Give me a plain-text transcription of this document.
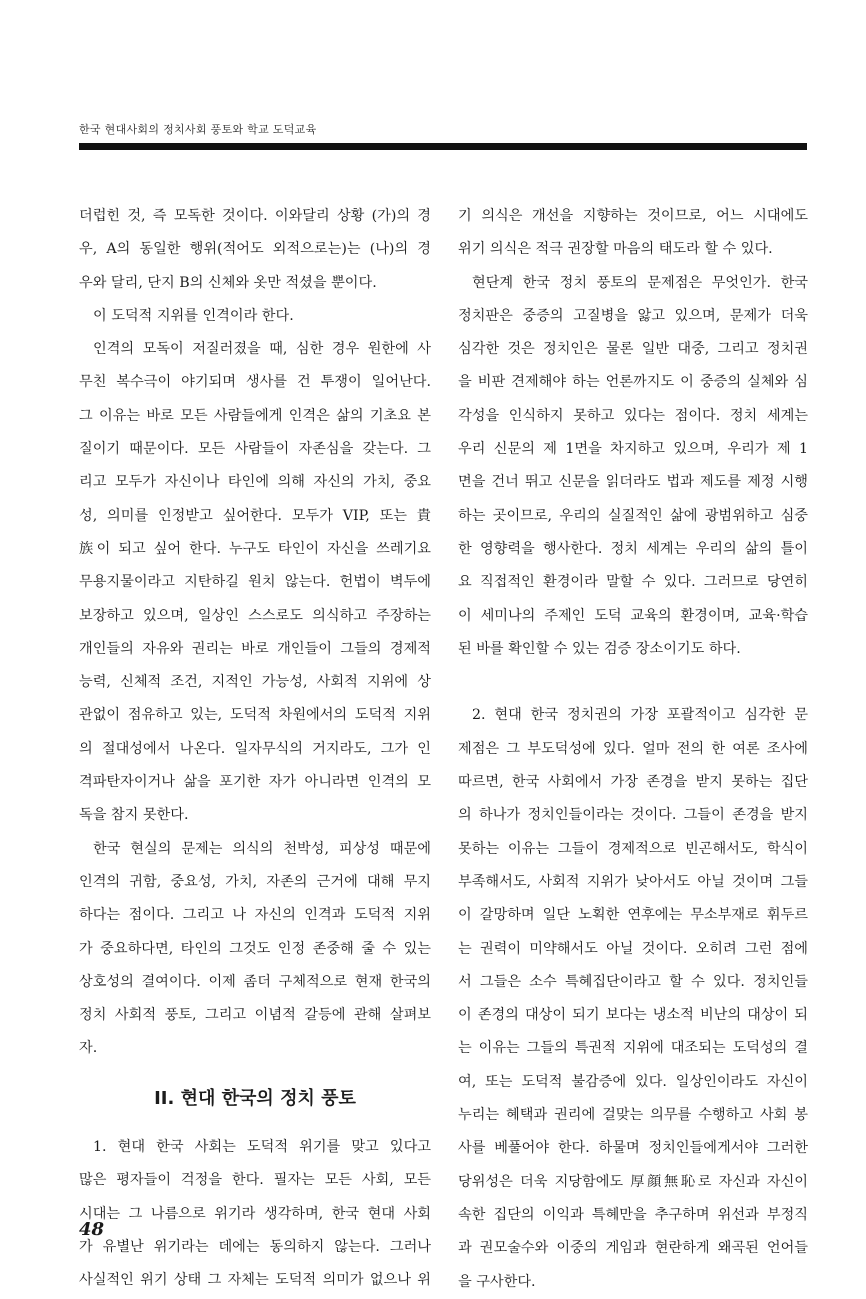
한국 현대사회의 정치사회 풍토와 학교 도덕교육
더럽힌 것, 즉 모독한 것이다. 이와달리 상황 (가)의 경
우, A의 동일한 행위(적어도 외적으로는)는 (나)의 경
우와 달리, 단지 B의 신체와 옷만 적셨을 뿐이다.
이 도덕적 지위를 인격이라 한다.
인격의 모독이 저질러졌을 때, 심한 경우 원한에 사
무친 복수극이 야기되며 생사를 건 투쟁이 일어난다.
그 이유는 바로 모든 사람들에게 인격은 삶의 기초요 본
질이기 때문이다. 모든 사람들이 자존심을 갖는다. 그
리고 모두가 자신이나 타인에 의해 자신의 가치, 중요
성, 의미를 인정받고 싶어한다. 모두가 VIP, 또는 貴
族이 되고 싶어 한다. 누구도 타인이 자신을 쓰레기요
무용지물이라고 지탄하길 원치 않는다. 헌법이 벽두에
보장하고 있으며, 일상인 스스로도 의식하고 주장하는
개인들의 자유와 권리는 바로 개인들이 그들의 경제적
능력, 신체적 조건, 지적인 가능성, 사회적 지위에 상
관없이 점유하고 있는, 도덕적 차원에서의 도덕적 지위
의 절대성에서 나온다. 일자무식의 거지라도, 그가 인
격파탄자이거나 삶을 포기한 자가 아니라면 인격의 모
독을 참지 못한다.
한국 현실의 문제는 의식의 천박성, 피상성 때문에
인격의 귀함, 중요성, 가치, 자존의 근거에 대해 무지
하다는 점이다. 그리고 나 자신의 인격과 도덕적 지위
가 중요하다면, 타인의 그것도 인정 존중해 줄 수 있는
상호성의 결여이다. 이제 좀더 구체적으로 현재 한국의
정치 사회적 풍토, 그리고 이념적 갈등에 관해 살펴보
자.
II. 현대 한국의 정치 풍토
1. 현대 한국 사회는 도덕적 위기를 맞고 있다고
많은 평자들이 걱정을 한다. 필자는 모든 사회, 모든
시대는 그 나름으로 위기라 생각하며, 한국 현대 사회
가 유별난 위기라는 데에는 동의하지 않는다. 그러나
사실적인 위기 상태 그 자체는 도덕적 의미가 없으나 위
기 의식은 개선을 지향하는 것이므로, 어느 시대에도
위기 의식은 적극 권장할 마음의 태도라 할 수 있다.
현단계 한국 정치 풍토의 문제점은 무엇인가. 한국
정치판은 중증의 고질병을 앓고 있으며, 문제가 더욱
심각한 것은 정치인은 물론 일반 대중, 그리고 정치권
을 비판 견제해야 하는 언론까지도 이 중증의 실체와 심
각성을 인식하지 못하고 있다는 점이다. 정치 세계는
우리 신문의 제 1면을 차지하고 있으며, 우리가 제 1
면을 건너 뛰고 신문을 읽더라도 법과 제도를 제정 시행
하는 곳이므로, 우리의 실질적인 삶에 광범위하고 심중
한 영향력을 행사한다. 정치 세계는 우리의 삶의 틀이
요 직접적인 환경이라 말할 수 있다. 그러므로 당연히
이 세미나의 주제인 도덕 교육의 환경이며, 교육·학습
된 바를 확인할 수 있는 검증 장소이기도 하다.
2. 현대 한국 정치권의 가장 포괄적이고 심각한 문
제점은 그 부도덕성에 있다. 얼마 전의 한 여론 조사에
따르면, 한국 사회에서 가장 존경을 받지 못하는 집단
의 하나가 정치인들이라는 것이다. 그들이 존경을 받지
못하는 이유는 그들이 경제적으로 빈곤해서도, 학식이
부족해서도, 사회적 지위가 낮아서도 아닐 것이며 그들
이 갈망하며 일단 노획한 연후에는 무소부재로 휘두르
는 권력이 미약해서도 아닐 것이다. 오히려 그런 점에
서 그들은 소수 특혜집단이라고 할 수 있다. 정치인들
이 존경의 대상이 되기 보다는 냉소적 비난의 대상이 되
는 이유는 그들의 특권적 지위에 대조되는 도덕성의 결
여, 또는 도덕적 불감증에 있다. 일상인이라도 자신이
누리는 혜택과 권리에 걸맞는 의무를 수행하고 사회 봉
사를 베풀어야 한다. 하물며 정치인들에게서야 그러한
당위성은 더욱 지당함에도 厚顔無恥로 자신과 자신이
속한 집단의 이익과 특혜만을 추구하며 위선과 부정직
과 권모술수와 이중의 게임과 현란하게 왜곡된 언어들
을 구사한다.
48
